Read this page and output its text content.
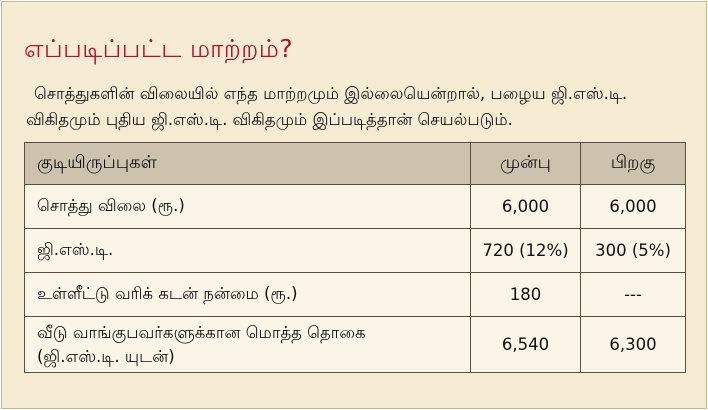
எப்படிப்பட்ட மாற்றம்?
சொத்துகளின் விலையில் எந்த மாற்றமும் இல்லையென்றால், பழைய ஜி.எஸ்.டி.
விகிதமும் புதிய ஜி.எஸ்.டி. விகிதமும் இப்படித்தான் செயல்படும்.
குடியிருப்புகள்	முன்பு	பிறகு
சொத்து விலை (ரூ.)	6,000	6,000
ஜி.எஸ்.டி.	720 (12%)	300 (5%)
உள்ளீட்டு வரிக் கடன் நன்மை (ரூ.)	180	---

வீடு வாங்குபவர்களுக்கான மொத்த தொகை
(ஜி.எஸ்.டி. யுடன்)	6,540	6,300
